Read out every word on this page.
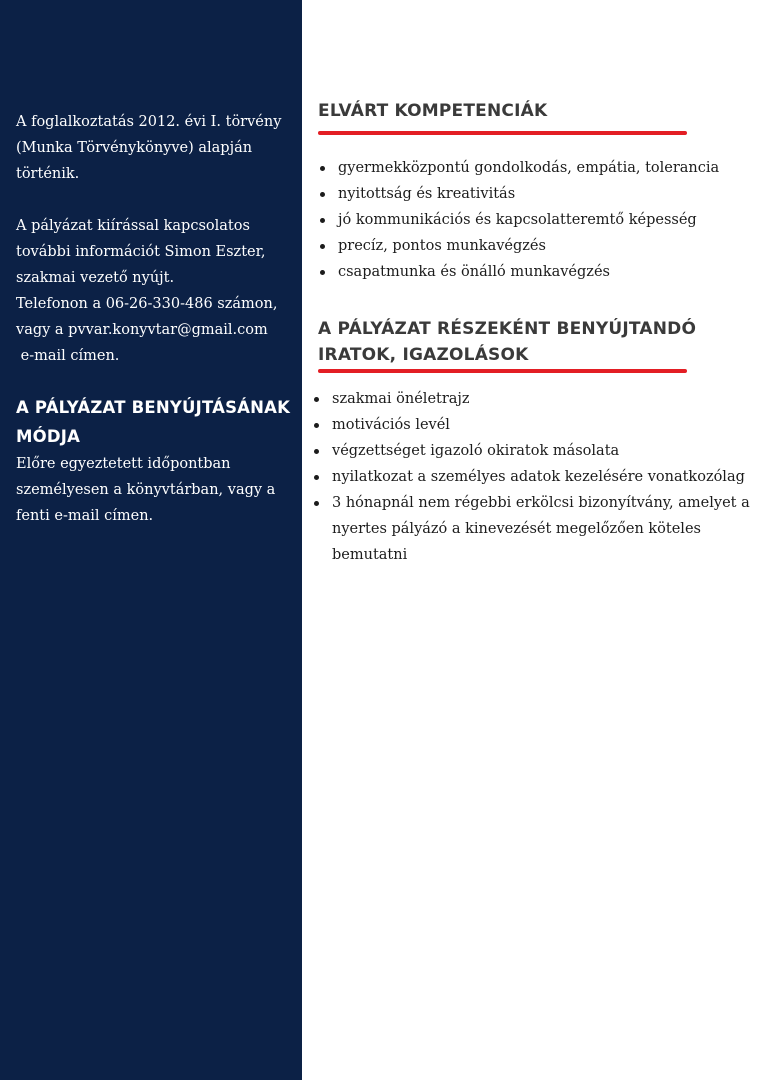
A foglalkoztatás 2012. évi I. törvény
(Munka Törvénykönyve) alapján
történik.
A pályázat kiírással kapcsolatos
további információt Simon Eszter,
szakmai vezető nyújt.
Telefonon a 06-26-330-486 számon,
vagy a pvvar.konyvtar@gmail.com
e-mail címen.
A PÁLYÁZAT BENYÚJTÁSÁNAK
MÓDJA
Előre egyeztetett időpontban
személyesen a könyvtárban, vagy a
fenti e-mail címen.
ELVÁRT KOMPETENCIÁK
gyermekközpontú gondolkodás, empátia, tolerancia
nyitottság és kreativitás
jó kommunikációs és kapcsolatteremtő képesség
precíz, pontos munkavégzés
csapatmunka és önálló munkavégzés
A PÁLYÁZAT RÉSZEKÉNT BENYÚJTANDÓ
IRATOK, IGAZOLÁSOK
szakmai önéletrajz
motivációs levél
végzettséget igazoló okiratok másolata
nyilatkozat a személyes adatok kezelésére vonatkozólag
3 hónapnál nem régebbi erkölcsi bizonyítvány, amelyet a
nyertes pályázó a kinevezését megelőzően köteles
bemutatni
